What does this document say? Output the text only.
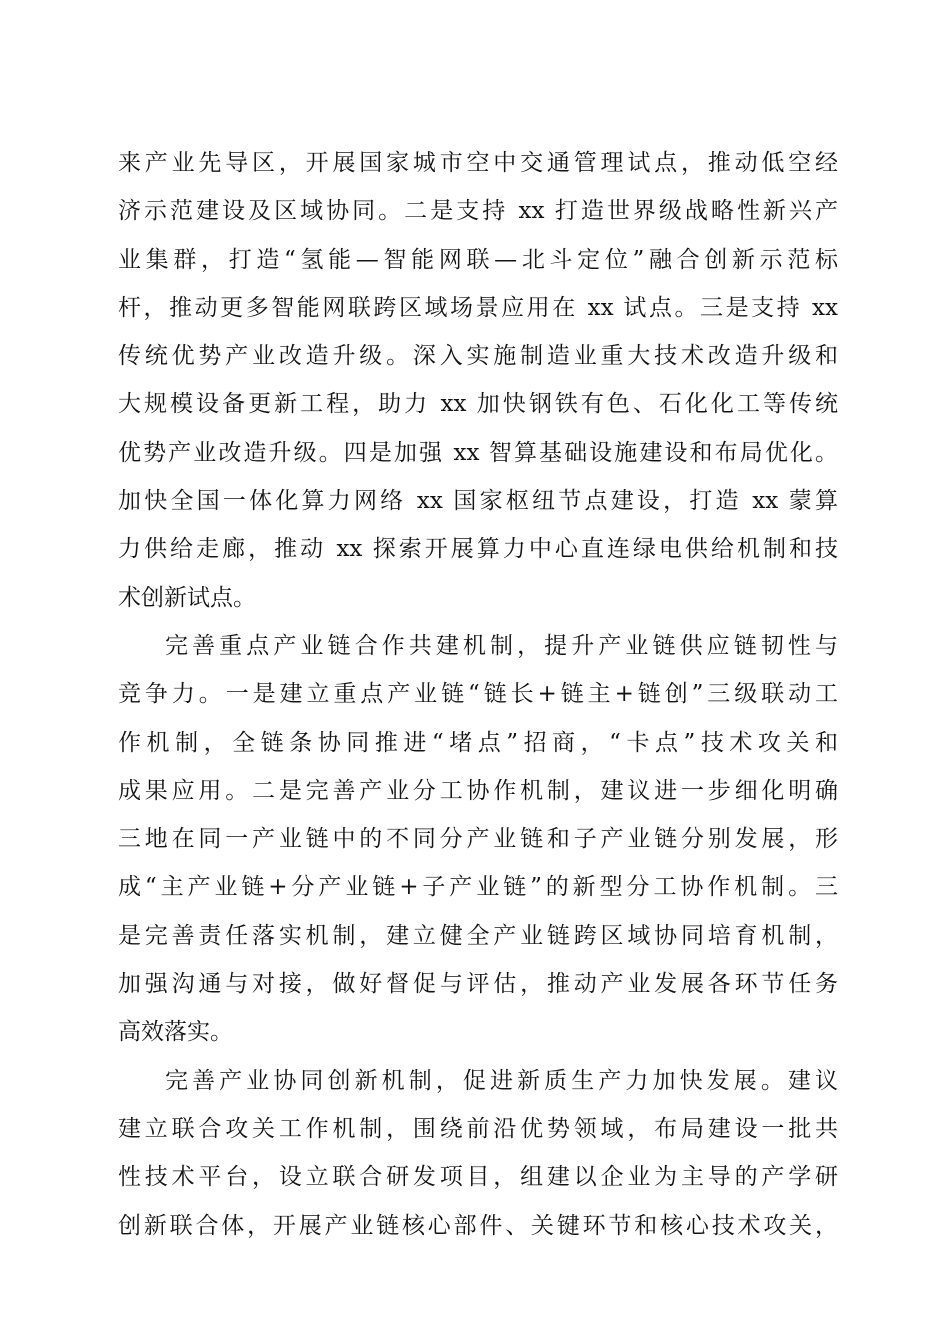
来产业先导区，开展国家城市空中交通管理试点，推动低空经
济示范建设及区域协同。二是支持 xx 打造世界级战略性新兴产
业集群，打造“氢能—智能网联—北斗定位”融合创新示范标
杆，推动更多智能网联跨区域场景应用在 xx 试点。三是支持 xx
传统优势产业改造升级。深入实施制造业重大技术改造升级和
大规模设备更新工程，助力 xx 加快钢铁有色、石化化工等传统
优势产业改造升级。四是加强 xx 智算基础设施建设和布局优化。
加快全国一体化算力网络 xx 国家枢纽节点建设，打造 xx 蒙算
力供给走廊，推动 xx 探索开展算力中心直连绿电供给机制和技
术创新试点。
完善重点产业链合作共建机制，提升产业链供应链韧性与
竞争力。一是建立重点产业链“链长+链主+链创”三级联动工
作机制，全链条协同推进“堵点”招商，“卡点”技术攻关和
成果应用。二是完善产业分工协作机制，建议进一步细化明确
三地在同一产业链中的不同分产业链和子产业链分别发展，形
成“主产业链+分产业链+子产业链”的新型分工协作机制。三
是完善责任落实机制，建立健全产业链跨区域协同培育机制，
加强沟通与对接，做好督促与评估，推动产业发展各环节任务
高效落实。
完善产业协同创新机制，促进新质生产力加快发展。建议
建立联合攻关工作机制，围绕前沿优势领域，布局建设一批共
性技术平台，设立联合研发项目，组建以企业为主导的产学研
创新联合体，开展产业链核心部件、关键环节和核心技术攻关，
